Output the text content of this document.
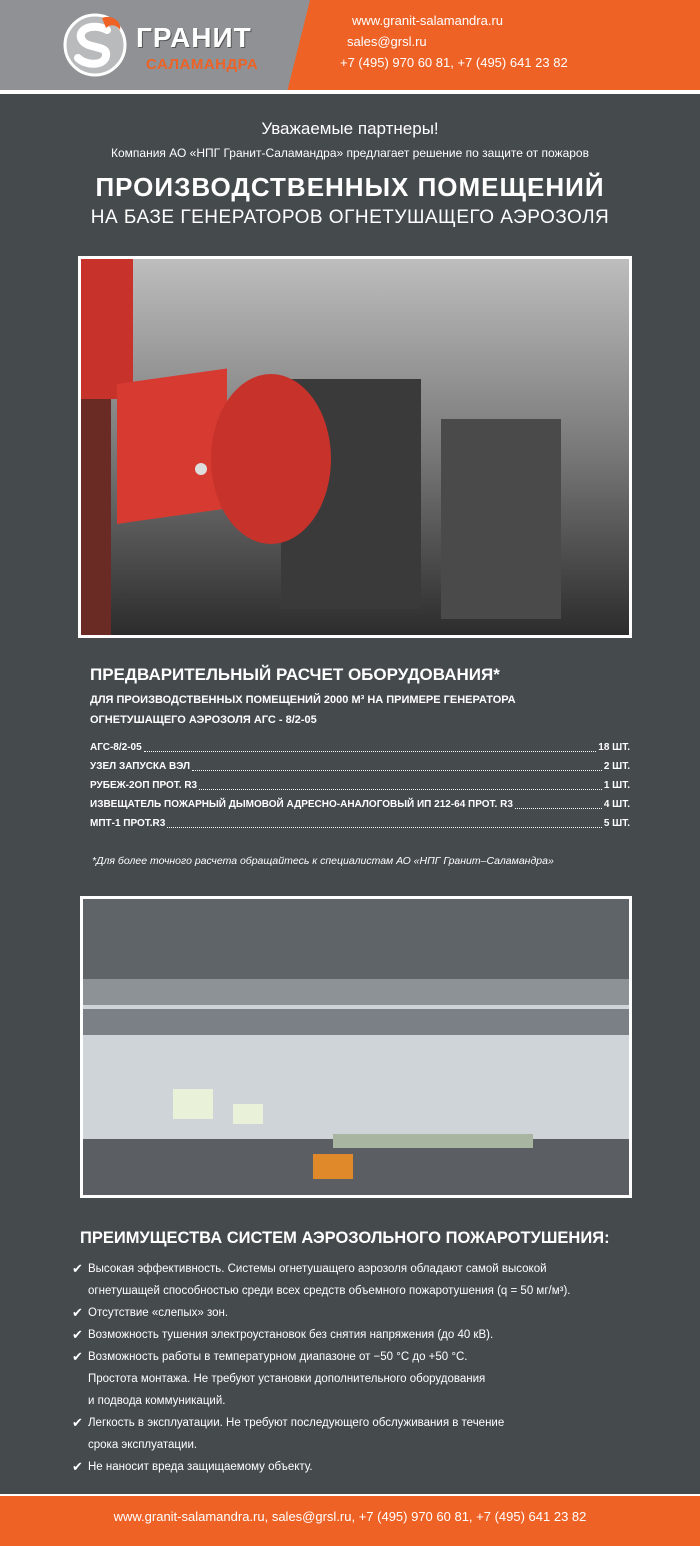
ГРАНИТ
САЛАМАНДРА
www.granit-salamandra.ru
sales@grsl.ru
+7 (495) 970 60 81, +7 (495) 641 23 82
Уважаемые партнеры!
Компания АО «НПГ Гранит-Саламандра» предлагает решение по защите от пожаров
ПРОИЗВОДСТВЕННЫХ ПОМЕЩЕНИЙ
НА БАЗЕ ГЕНЕРАТОРОВ ОГНЕТУШАЩЕГО АЭРОЗОЛЯ
ПРЕДВАРИТЕЛЬНЫЙ РАСЧЕТ ОБОРУДОВАНИЯ*
ДЛЯ ПРОИЗВОДСТВЕННЫХ ПОМЕЩЕНИЙ 2000 М³ НА ПРИМЕРЕ ГЕНЕРАТОРА
ОГНЕТУШАЩЕГО АЭРОЗОЛЯ АГС - 8/2-05
АГС-8/2-05	18 ШТ.
УЗЕЛ ЗАПУСКА ВЭЛ	2 ШТ.
РУБЕЖ-2ОП ПРОТ. R3	1 ШТ.
ИЗВЕЩАТЕЛЬ ПОЖАРНЫЙ ДЫМОВОЙ АДРЕСНО-АНАЛОГОВЫЙ ИП 212-64 ПРОТ. R3	4 ШТ.
МПТ-1 ПРОТ.R3	5 ШТ.
*Для более точного расчета обращайтесь к специалистам АО «НПГ Гранит–Саламандра»
ПРЕИМУЩЕСТВА СИСТЕМ АЭРОЗОЛЬНОГО ПОЖАРОТУШЕНИЯ:
✔ Высокая эффективность. Системы огнетушащего аэрозоля обладают самой высокой
огнетушащей способностью среди всех средств объемного пожаротушения (q = 50 мг/м³).
✔ Отсутствие «слепых» зон.
✔ Возможность тушения электроустановок без снятия напряжения (до 40 кВ).
✔ Возможность работы в температурном диапазоне от −50 °С до +50 °С.
Простота монтажа. Не требуют установки дополнительного оборудования
и подвода коммуникаций.
✔ Легкость в эксплуатации. Не требуют последующего обслуживания в течение
срока эксплуатации.
✔ Не наносит вреда защищаемому объекту.
www.granit-salamandra.ru, sales@grsl.ru, +7 (495) 970 60 81, +7 (495) 641 23 82
